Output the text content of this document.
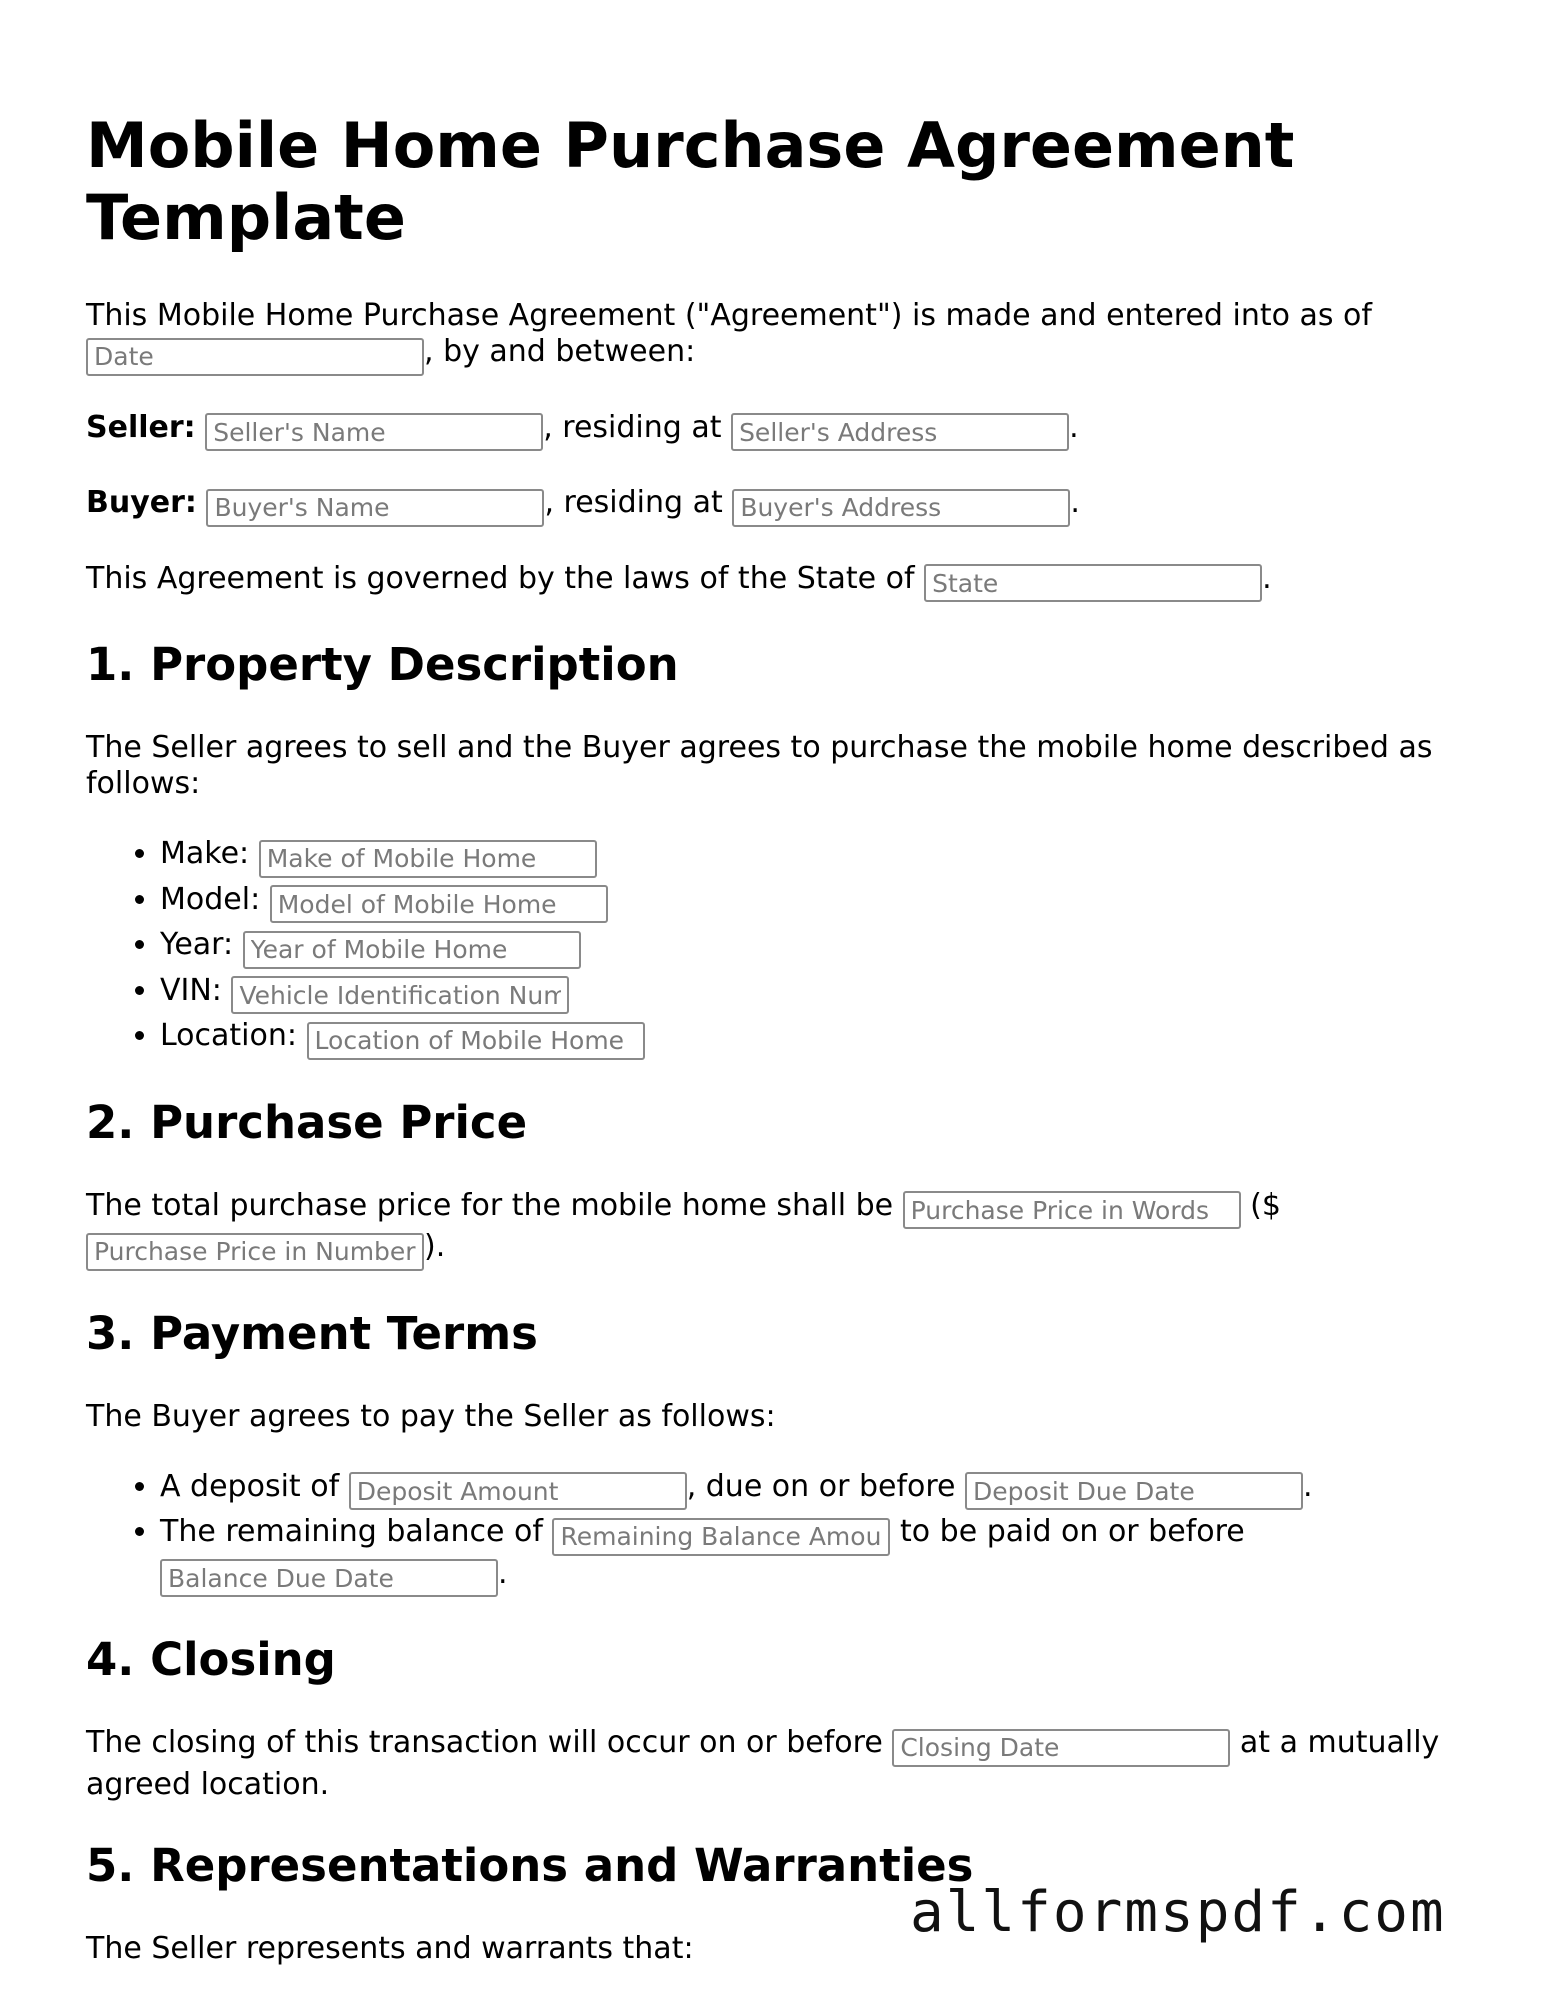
Mobile Home Purchase Agreement Template

This Mobile Home Purchase Agreement ("Agreement") is made and entered into as of
Date, by and between:

Seller: Seller's Name	, residing at Seller's Address	.

Buyer: Buyer's Name	, residing at Buyer's Address	.

This Agreement is governed by the laws of the State of State	.

1. Property Description

The Seller agrees to sell and the Buyer agrees to purchase the mobile home described as follows:

• Make: Make of Mobile Home
• Model: Model of Mobile Home
• Year: Year of Mobile Home
• VIN: Vehicle Identification Number
• Location: Location of Mobile Home
2. Purchase Price

The total purchase price for the mobile home shall be Purchase Price in Words	($
Purchase Price in Numbers).

3. Payment Terms

The Buyer agrees to pay the Seller as follows:

• A deposit of Deposit Amount	, due on or before Deposit Due Date	.
• The remaining balance of Remaining Balance Amount	to be paid on or before
Balance Due Date.
4. Closing

The closing of this transaction will occur on or before Closing Date	at a mutually agreed location.

5. Representations and Warranties

The Seller represents and warrants that:

allformspdf.com
